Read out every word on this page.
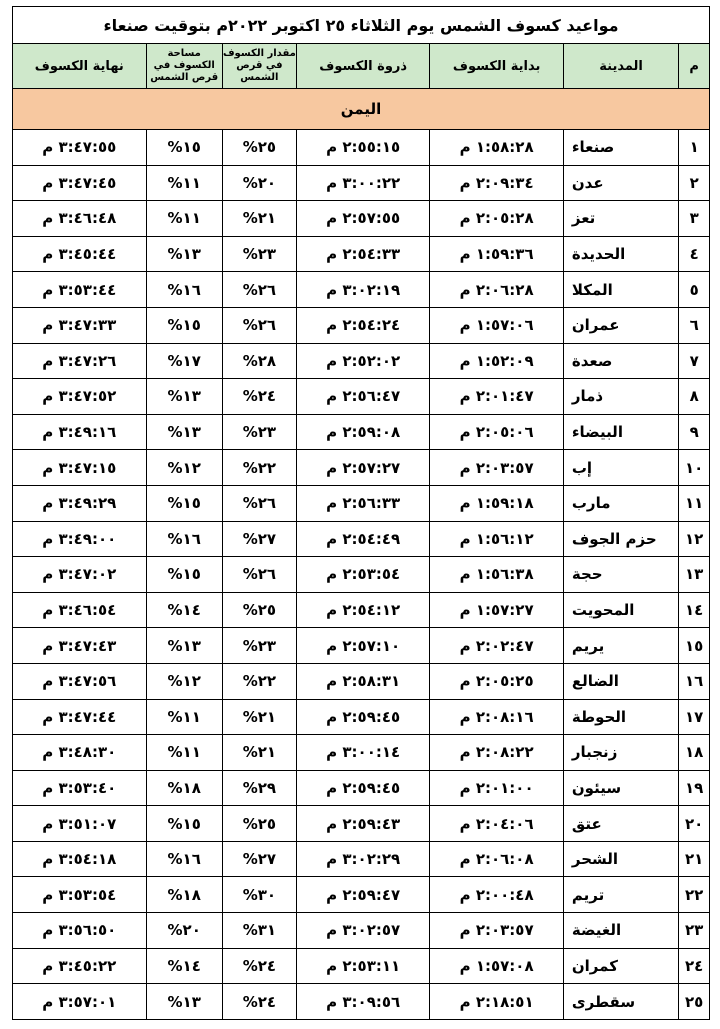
مواعيد كسوف الشمس يوم الثلاثاء ٢٥ اكتوبر ٢٠٢٢م بتوقيت صنعاء						
م	المدينة	بداية الكسوف	ذروة الكسوف	مقدار الكسوف في قرص الشمس	مساحة الكسوف في قرص الشمس	نهاية الكسوف
اليمن						
١	صنعاء	١:٥٨:٢٨ م	٢:٥٥:١٥ م	٢٥%	١٥%	٣:٤٧:٥٥ م
٢	عدن	٢:٠٩:٣٤ م	٣:٠٠:٢٢ م	٢٠%	١١%	٣:٤٧:٤٥ م
٣	تعز	٢:٠٥:٢٨ م	٢:٥٧:٥٥ م	٢١%	١١%	٣:٤٦:٤٨ م
٤	الحديدة	١:٥٩:٣٦ م	٢:٥٤:٣٣ م	٢٣%	١٣%	٣:٤٥:٤٤ م
٥	المكلا	٢:٠٦:٢٨ م	٣:٠٢:١٩ م	٢٦%	١٦%	٣:٥٣:٤٤ م
٦	عمران	١:٥٧:٠٦ م	٢:٥٤:٢٤ م	٢٦%	١٥%	٣:٤٧:٣٣ م
٧	صعدة	١:٥٢:٠٩ م	٢:٥٢:٠٢ م	٢٨%	١٧%	٣:٤٧:٢٦ م
٨	ذمار	٢:٠١:٤٧ م	٢:٥٦:٤٧ م	٢٤%	١٣%	٣:٤٧:٥٢ م
٩	البيضاء	٢:٠٥:٠٦ م	٢:٥٩:٠٨ م	٢٣%	١٣%	٣:٤٩:١٦ م
١٠	إب	٢:٠٣:٥٧ م	٢:٥٧:٢٧ م	٢٢%	١٢%	٣:٤٧:١٥ م
١١	مارب	١:٥٩:١٨ م	٢:٥٦:٣٣ م	٢٦%	١٥%	٣:٤٩:٢٩ م
١٢	حزم الجوف	١:٥٦:١٢ م	٢:٥٤:٤٩ م	٢٧%	١٦%	٣:٤٩:٠٠ م
١٣	حجة	١:٥٦:٣٨ م	٢:٥٣:٥٤ م	٢٦%	١٥%	٣:٤٧:٠٢ م
١٤	المحويت	١:٥٧:٢٧ م	٢:٥٤:١٢ م	٢٥%	١٤%	٣:٤٦:٥٤ م
١٥	يريم	٢:٠٢:٤٧ م	٢:٥٧:١٠ م	٢٣%	١٣%	٣:٤٧:٤٣ م
١٦	الضالع	٢:٠٥:٢٥ م	٢:٥٨:٣١ م	٢٢%	١٢%	٣:٤٧:٥٦ م
١٧	الحوطة	٢:٠٨:١٦ م	٢:٥٩:٤٥ م	٢١%	١١%	٣:٤٧:٤٤ م
١٨	زنجبار	٢:٠٨:٢٢ م	٣:٠٠:١٤ م	٢١%	١١%	٣:٤٨:٣٠ م
١٩	سيئون	٢:٠١:٠٠ م	٢:٥٩:٤٥ م	٢٩%	١٨%	٣:٥٣:٤٠ م
٢٠	عتق	٢:٠٤:٠٦ م	٢:٥٩:٤٣ م	٢٥%	١٥%	٣:٥١:٠٧ م
٢١	الشحر	٢:٠٦:٠٨ م	٣:٠٢:٢٩ م	٢٧%	١٦%	٣:٥٤:١٨ م
٢٢	تريم	٢:٠٠:٤٨ م	٢:٥٩:٤٧ م	٣٠%	١٨%	٣:٥٣:٥٤ م
٢٣	الغيضة	٢:٠٣:٥٧ م	٣:٠٢:٥٧ م	٣١%	٢٠%	٣:٥٦:٥٠ م
٢٤	كمران	١:٥٧:٠٨ م	٢:٥٣:١١ م	٢٤%	١٤%	٣:٤٥:٢٢ م
٢٥	سقطرى	٢:١٨:٥١ م	٣:٠٩:٥٦ م	٢٤%	١٣%	٣:٥٧:٠١ م
